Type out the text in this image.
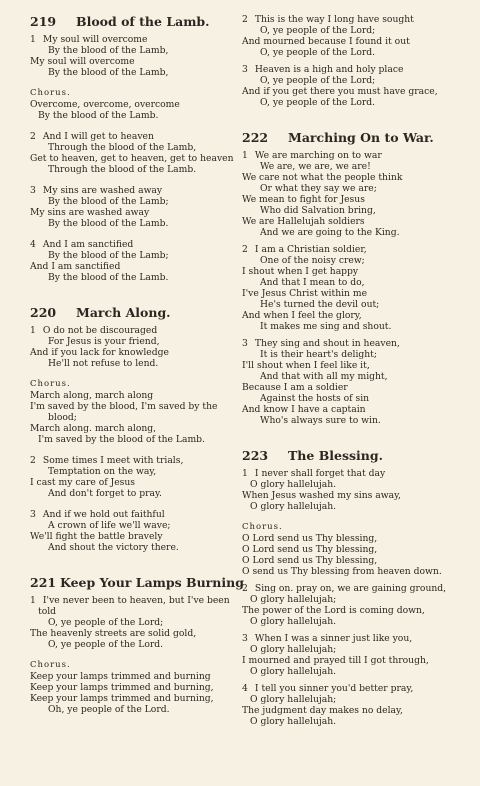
219 Blood of the Lamb.
1 My soul will overcome
By the blood of the Lamb,
My soul will overcome
By the blood of the Lamb,
Chorus.
Overcome, overcome, overcome
By the blood of the Lamb.
2 And I will get to heaven
Through the blood of the Lamb,
Get to heaven, get to heaven, get to heaven
Through the blood of the Lamb.
3 My sins are washed away
By the blood of the Lamb;
My sins are washed away
By the blood of the Lamb.
4 And I am sanctified
By the blood of the Lamb;
And I am sanctified
By the blood of the Lamb.
220 March Along.
1 O do not be discouraged
For Jesus is your friend,
And if you lack for knowledge
He'll not refuse to lend.
Chorus.
March along, march along
I'm saved by the blood, I'm saved by the
blood;
March along. march along,
I'm saved by the blood of the Lamb.
2 Some times I meet with trials,
Temptation on the way,
I cast my care of Jesus
And don't forget to pray.
3 And if we hold out faithful
A crown of life we'll wave;
We'll fight the battle bravely
And shout the victory there.
221 Keep Your Lamps Burning
1 I've never been to heaven, but I've been
told
O, ye people of the Lord;
The heavenly streets are solid gold,
O, ye people of the Lord.
Chorus.
Keep your lamps trimmed and burning
Keep your lamps trimmed and burning,
Keep your lamps trimmed and burning,
Oh, ye people of the Lord.
2 This is the way I long have sought
O, ye people of the Lord;
And mourned because I found it out
O, ye people of the Lord.
3 Heaven is a high and holy place
O, ye people of the Lord;
And if you get there you must have grace,
O, ye people of the Lord.
222 Marching On to War.
1 We are marching on to war
We are, we are, we are!
We care not what the people think
Or what they say we are;
We mean to fight for Jesus
Who did Salvation bring,
We are Hallelujah soldiers
And we are going to the King.
2 I am a Christian soldier,
One of the noisy crew;
I shout when I get happy
And that I mean to do,
I've Jesus Christ within me
He's turned the devil out;
And when I feel the glory,
It makes me sing and shout.
3 They sing and shout in heaven,
It is their heart's delight;
I'll shout when I feel like it,
And that with all my might,
Because I am a soldier
Against the hosts of sin
And know I have a captain
Who's always sure to win.
223 The Blessing.
1 I never shall forget that day
O glory hallelujah.
When Jesus washed my sins away,
O glory hallelujah.
Chorus.
O Lord send us Thy blessing,
O Lord send us Thy blessing,
O Lord send us Thy blessing,
O send us Thy blessing from heaven down.
2 Sing on. pray on, we are gaining ground,
O glory hallelujah;
The power of the Lord is coming down,
O glory hallelujah.
3 When I was a sinner just like you,
O glory hallelujah;
I mourned and prayed till I got through,
O glory hallelujah.
4 I tell you sinner you'd better pray,
O glory hallelujah;
The judgment day makes no delay,
O glory hallelujah.
